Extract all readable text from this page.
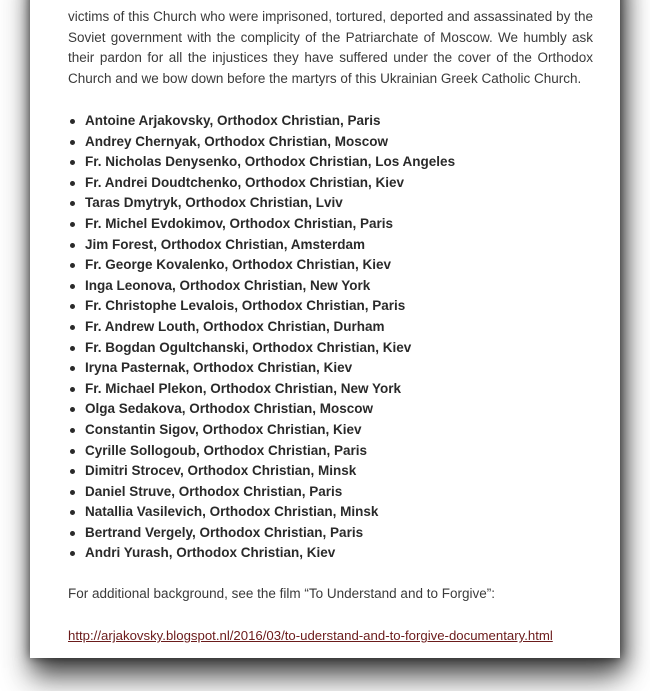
victims of this Church who were imprisoned, tortured, deported and assassinated by the Soviet government with the complicity of the Patriarchate of Moscow. We humbly ask their pardon for all the injustices they have suffered under the cover of the Orthodox Church and we bow down before the martyrs of this Ukrainian Greek Catholic Church.

Antoine Arjakovsky, Orthodox Christian, Paris
Andrey Chernyak, Orthodox Christian, Moscow
Fr. Nicholas Denysenko, Orthodox Christian, Los Angeles
Fr. Andrei Doudtchenko, Orthodox Christian, Kiev
Taras Dmytryk, Orthodox Christian, Lviv
Fr. Michel Evdokimov, Orthodox Christian, Paris
Jim Forest, Orthodox Christian, Amsterdam
Fr. George Kovalenko, Orthodox Christian, Kiev
Inga Leonova, Orthodox Christian, New York
Fr. Christophe Levalois, Orthodox Christian, Paris
Fr. Andrew Louth, Orthodox Christian, Durham
Fr. Bogdan Ogultchanski, Orthodox Christian, Kiev
Iryna Pasternak, Orthodox Christian, Kiev
Fr. Michael Plekon, Orthodox Christian, New York
Olga Sedakova, Orthodox Christian, Moscow
Constantin Sigov, Orthodox Christian, Kiev
Cyrille Sollogoub, Orthodox Christian, Paris
Dimitri Strocev, Orthodox Christian, Minsk
Daniel Struve, Orthodox Christian, Paris
Natallia Vasilevich, Orthodox Christian, Minsk
Bertrand Vergely, Orthodox Christian, Paris
Andri Yurash, Orthodox Christian, Kiev

For additional background, see the film “To Understand and to Forgive”:

http://arjakovsky.blogspot.nl/2016/03/to-uderstand-and-to-forgive-documentary.html
